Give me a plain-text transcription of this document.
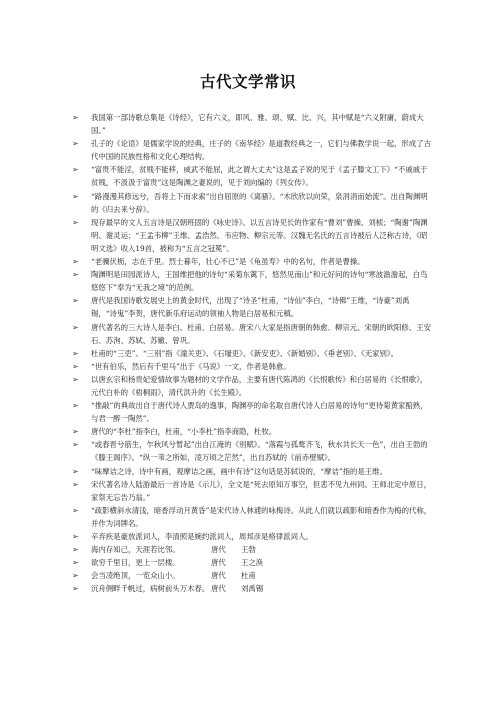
古代文学常识
➢ 我国第一部诗歌总集是《诗经》，它有六义，即风、雅、颂、赋、比、兴，其中赋是“六义附庸，蔚成大国。”
➢ 孔子的《论语》是儒家学说的经典，庄子的《南华经》是道教经典之一，它们与佛教学说一起，形成了古代中国的民族性格和文化心理结构。
➢ “富贵不能淫，贫贱不能移，威武不能屈，此之谓大丈夫”这是孟子说的见于《孟子滕文工下》“不戚戚于贫贱，不汲汲于富贵”这是陶渊之妻说的，见于刘向编的《列女传》。
➢ “路漫漫其修远兮，吾将上下而求索”出自屈原的《离骚》。“木欣欣以向荣，泉涓涓而始流”。出自陶渊明的《归去来兮辞》。
➢ 现存最早的文人五言诗是汉朝班固的《咏史诗》。以五言诗见长的作家有“曹刘”曹操、刘桢；“陶谢”陶渊明、谢灵运；“王孟韦柳”王维、孟浩然、韦应物、柳宗元等。汉魏无名氏的五言诗被后人泛称古诗，《昭明文选》收入19首，被称为“五言之冠冕”。
➢ “老骥伏枥，志在千里。烈士暮年，壮心不已”是《龟虽寿》中的名句，作者是曹操。
➢ 陶渊明是田园派诗人，王国维把他的诗句“采菊东篱下，悠然见南山”和元好问的诗句“寒波澹澹起，白鸟悠悠下”奉为“无我之境”的范例。
➢ 唐代是我国诗歌发展史上的黄金时代，出现了“诗圣”杜甫，“诗仙”李白，“诗佛”王维，“诗豪”刘禹锡，“诗鬼”李贺，唐代新乐府运动的领袖人物是白居易和元稹。
➢ 唐代著名的三大诗人是李白、杜甫、白居易。唐宋八大家是指唐朝的韩愈、柳宗元、宋朝的欧阳修、王安石、苏洵、苏轼、苏辙、曾巩。
➢ 杜甫的“三吏”、“三别”指《潼关吏》、《石壕吏》、《新安吏》、《新婚别》、《垂老别》、《无家别》。
➢ “世有伯乐，然后有千里马”出于《马说》一文，作者是韩愈。
➢ 以唐玄宗和杨贵妃爱情故事为题材的文学作品，主要有唐代陈鸿的《长恨歌传》和白居易的《长恨歌》，元代白朴的《梧桐雨》，清代洪升的《长生殿》。
➢ “推敲”的典故出自于唐代诗人贾岛的逸事，陶渊亭的命名取自唐代诗人白居易的诗句“更待菊黄家醅熟，与君一醉一陶然”。
➢ 唐代的“李杜”指李白，杜甫，“小李杜”指李商隐，杜牧。
➢ “或春晋兮筋生，乍秋风兮暂起”出自江淹的《别赋》。“落霞与孤鹜齐飞，秋水共长天一色”，出自王勃的《滕王阁序》。“纵一苇之所如，凌万顷之茫然”，出自苏轼的《前赤壁赋》。
➢ “味摩诘之诗，诗中有画，观摩诘之画，画中有诗”这句话是苏轼说的，“摩诘”指的是王维。
➢ 宋代著名诗人陆游最后一首诗是《示儿》，全文是“死去原知万事空，但悲不见九州同。王师北定中原日，家祭无忘告乃翁。”
➢ “疏影横斜水清浅，暗香浮动月黄昏”是宋代诗人林逋的咏梅诗。从此人们就以疏影和暗香作为梅的代称，并作为词牌名。
➢ 辛弃疾是豪放派词人，李清照是婉约派词人，周邦彦是格律派词人。
➢ 海内存知己，天涯若比邻。	唐代	王勃
➢ 欲穷千里目，更上一层楼。	唐代	王之涣
➢ 会当凌绝顶，一览众山小。	唐代	杜甫
➢ 沉舟侧畔千帆过，病树前头万木春。 唐代	刘禹锡
